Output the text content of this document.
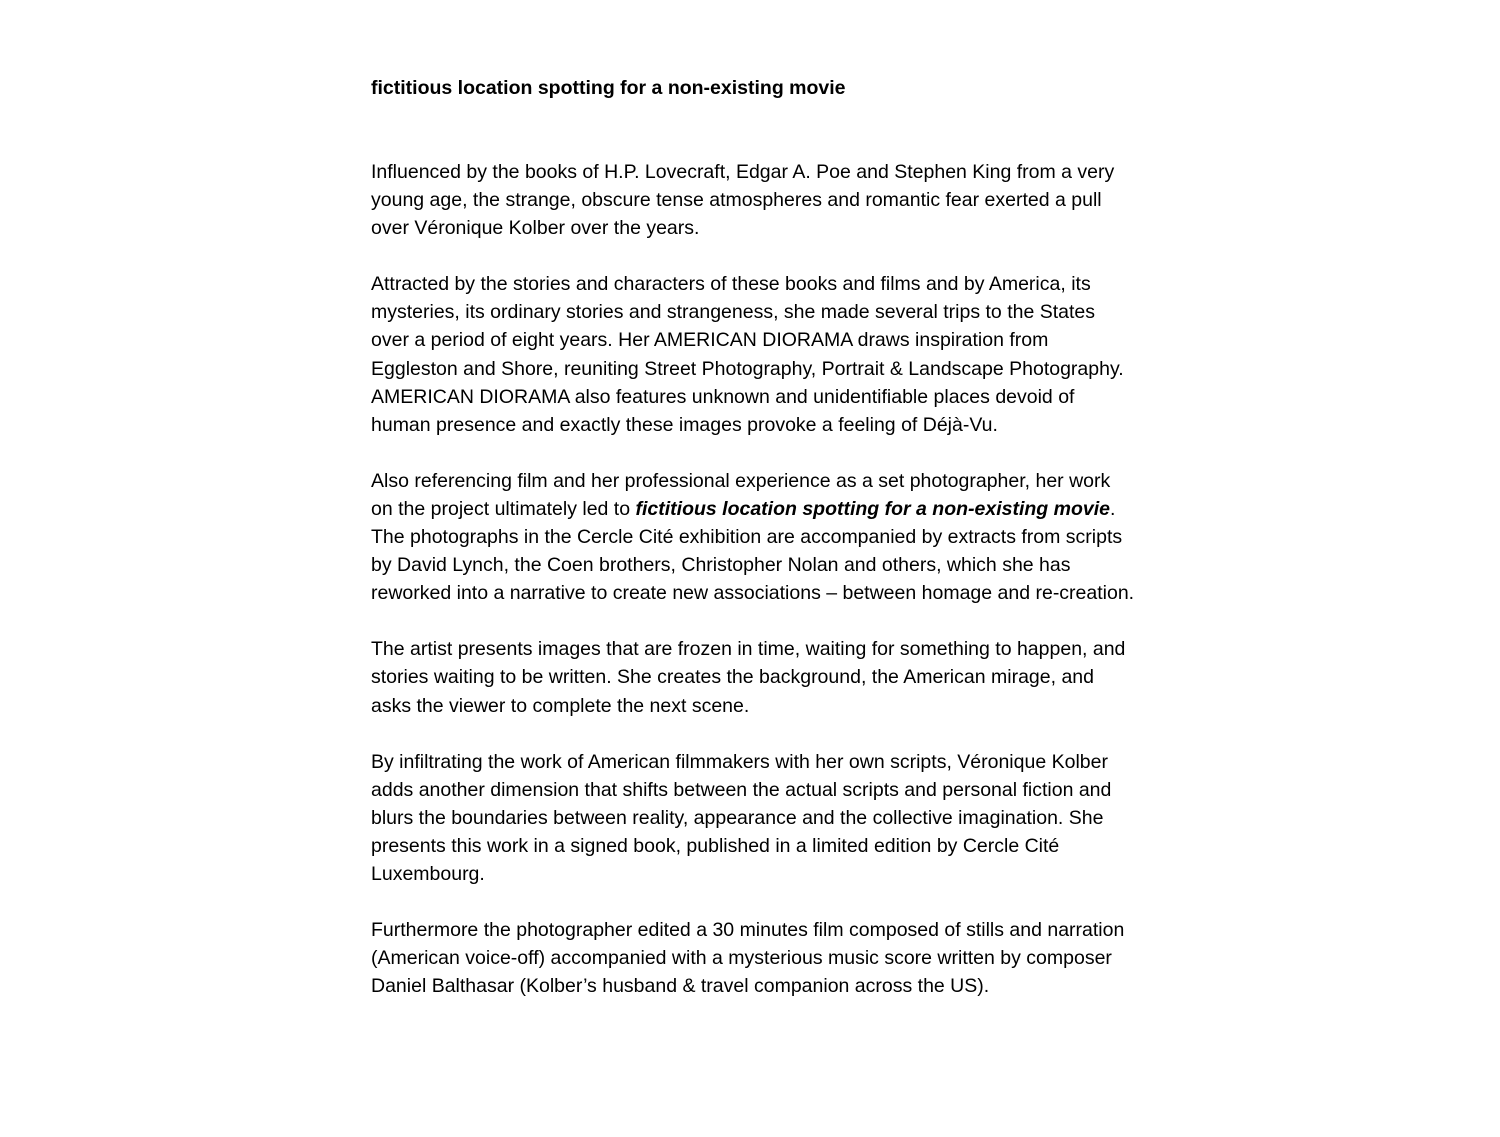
fictitious location spotting for a non-existing movie

Influenced by the books of H.P. Lovecraft, Edgar A. Poe and Stephen King from a very young age, the strange, obscure tense atmospheres and romantic fear exerted a pull over Véronique Kolber over the years.

Attracted by the stories and characters of these books and films and by America, its mysteries, its ordinary stories and strangeness, she made several trips to the States over a period of eight years. Her AMERICAN DIORAMA draws inspiration from Eggleston and Shore, reuniting Street Photography, Portrait & Landscape Photography. AMERICAN DIORAMA also features unknown and unidentifiable places devoid of human presence and exactly these images provoke a feeling of Déjà-Vu.

Also referencing film and her professional experience as a set photographer, her work on the project ultimately led to fictitious location spotting for a non-existing movie. The photographs in the Cercle Cité exhibition are accompanied by extracts from scripts by David Lynch, the Coen brothers, Christopher Nolan and others, which she has reworked into a narrative to create new associations – between homage and re-creation.

The artist presents images that are frozen in time, waiting for something to happen, and stories waiting to be written. She creates the background, the American mirage, and asks the viewer to complete the next scene.

By infiltrating the work of American filmmakers with her own scripts, Véronique Kolber adds another dimension that shifts between the actual scripts and personal fiction and blurs the boundaries between reality, appearance and the collective imagination. She presents this work in a signed book, published in a limited edition by Cercle Cité Luxembourg.

Furthermore the photographer edited a 30 minutes film composed of stills and narration (American voice-off) accompanied with a mysterious music score written by composer Daniel Balthasar (Kolber’s husband & travel companion across the US).
